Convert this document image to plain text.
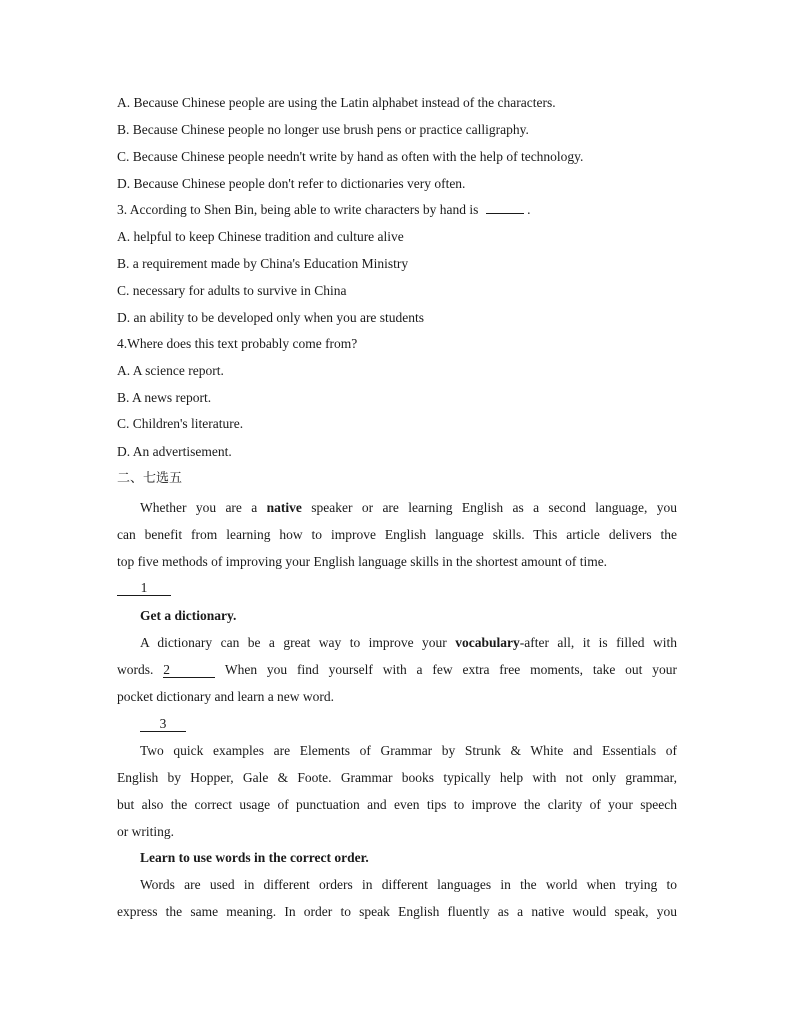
A. Because Chinese people are using the Latin alphabet instead of the characters.
B. Because Chinese people no longer use brush pens or practice calligraphy.
C. Because Chinese people needn't write by hand as often with the help of technology.
D. Because Chinese people don't refer to dictionaries very often.
3. According to Shen Bin, being able to write characters by hand is	.
A. helpful to keep Chinese tradition and culture alive
B. a requirement made by China's Education Ministry
C. necessary for adults to survive in China
D. an ability to be developed only when you are students
4.Where does this text probably come from?
A. A science report.
B. A news report.
C. Children's literature.
D. An advertisement.
二、七选五
Whether you are a native speaker or are learning English as a second language, you
can benefit from learning how to improve English language skills. This article delivers the
top five methods of improving your English language skills in the shortest amount of time.
1
Get a dictionary.
A dictionary can be a great way to improve your vocabulary-after all, it is filled with
words. 2	When you find yourself with a few extra free moments, take out your
pocket dictionary and learn a new word.
3
Two quick examples are Elements of Grammar by Strunk & White and Essentials of
English by Hopper, Gale & Foote. Grammar books typically help with not only grammar,
but also the correct usage of punctuation and even tips to improve the clarity of your speech
or writing.
Learn to use words in the correct order.
Words are used in different orders in different languages in the world when trying to
express the same meaning. In order to speak English fluently as a native would speak, you
